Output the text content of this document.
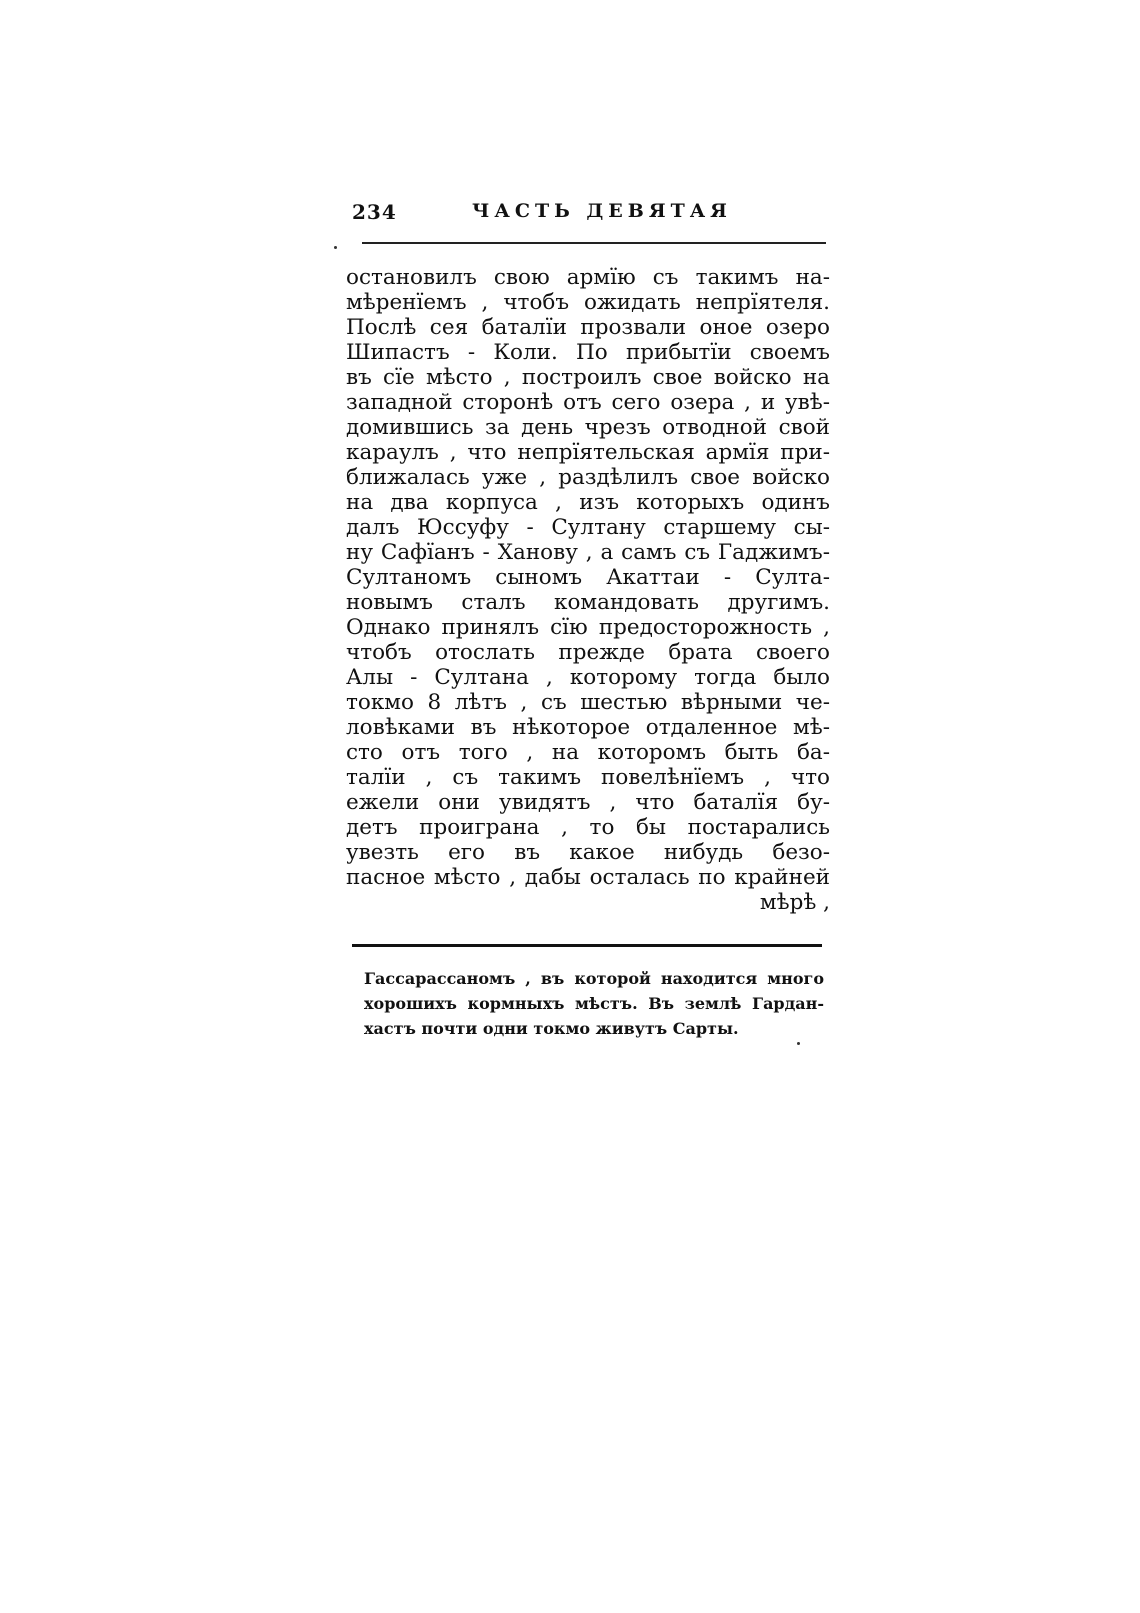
234	ЧАСТЬ ДЕВЯТАЯ
остановилъ свою армїю съ такимъ на-
мѣренїемъ , чтобъ ожидать непрїятеля.
Послѣ сея баталїи прозвали оное озеро
Шипастъ - Коли. По прибытїи своемъ
въ сїе мѣсто , построилъ свое войско на
западной сторонѣ отъ сего озера , и увѣ-
домившись за день чрезъ отводной свой
караулъ , что непрїятельская армїя при-
ближалась уже , раздѣлилъ свое войско
на два корпуса , изъ которыхъ одинъ
далъ Юссуфу - Султану старшему сы-
ну Сафїанъ - Ханову , а самъ съ Гаджимъ-
Султаномъ сыномъ Акаттаи - Султа-
новымъ сталъ командовать другимъ.
Однако принялъ сїю предосторожность ,
чтобъ отослать прежде брата своего
Алы - Султана , которому тогда было
токмо 8 лѣтъ , съ шестью вѣрными че-
ловѣками въ нѣкоторое отдаленное мѣ-
сто отъ того , на которомъ быть ба-
талїи , съ такимъ повелѣнїемъ , что
ежели они увидятъ , что баталїя бу-
детъ проиграна , то бы постарались
увезть его въ какое нибудь безо-
пасное мѣсто , дабы осталась по крайней
мѣрѣ ,
Гассарассаномъ , въ которой находится много
хорошихъ кормныхъ мѣстъ. Въ землѣ Гардан-
хастъ почти одни токмо живутъ Сарты.
